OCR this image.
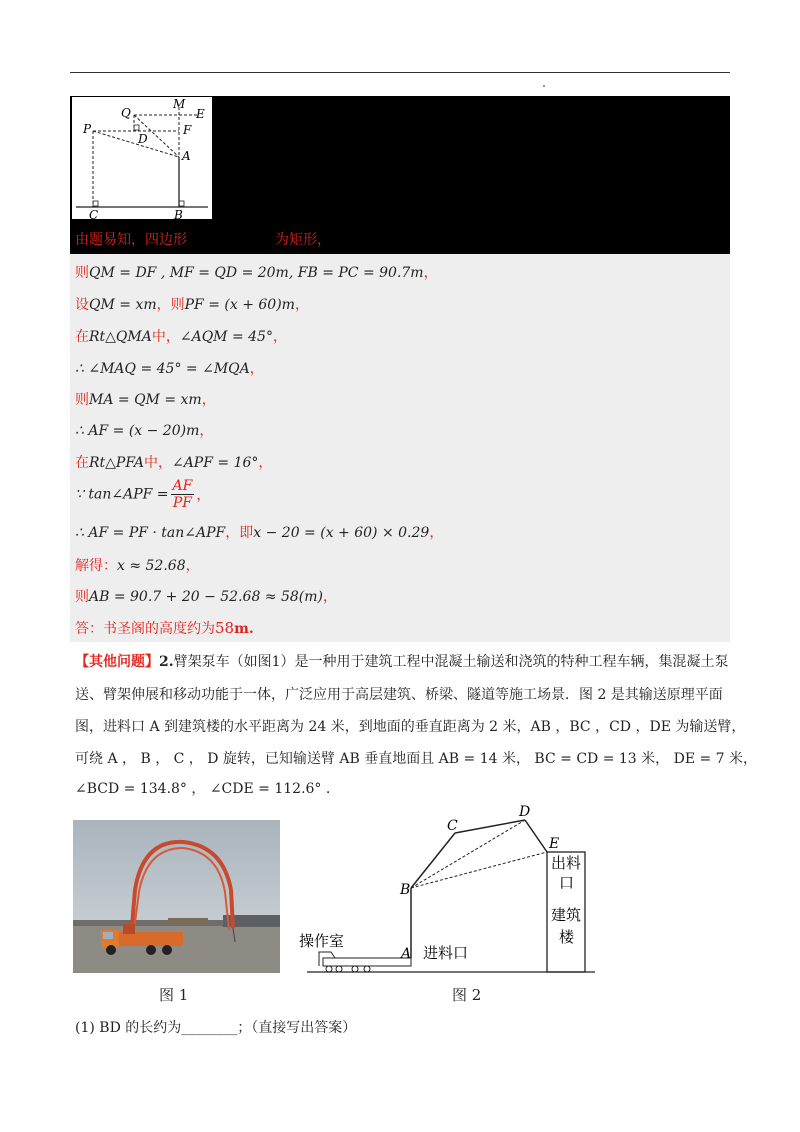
Q
M
E
P
D
F
A
C	B
由题易知，四边形	为矩形，
则QM = DF , MF = QD = 20m, FB = PC = 90.7m，
设QM = xm，则PF = (x + 60)m，
在Rt△QMA中，∠AQM = 45°，
∴ ∠MAQ = 45° = ∠MQA，
则MA = QM = xm，
∴ AF = (x − 20)m，
在Rt△PFA中，∠APF = 16°，
∵ tan∠APF = $\frac{AF}{PF}$ ，
∴ AF = PF · tan∠APF，即x − 20 = (x + 60) × 0.29，
解得：x ≈ 52.68，
则AB = 90.7 + 20 − 52.68 ≈ 58(m)，
答：书圣阁的高度约为58m.
【其他问题】2.臂架泵车（如图1）是一种用于建筑工程中混凝土输送和浇筑的特种工程车辆，集混凝土泵
送、臂架伸展和移动功能于一体，广泛应用于高层建筑、桥梁、隧道等施工场景．图 2 是其输送原理平面
图，进料口 A 到建筑楼的水平距离为 24 米，到地面的垂直距离为 2 米，AB ，BC ，CD ，DE 为输送臂，
可绕 A ， B ， C ， D 旋转，已知输送臂 AB 垂直地面且 AB = 14 米， BC = CD = 13 米， DE = 7 米，
∠BCD = 134.8° ， ∠CDE = 112.6° .
图 1
C
D
E
B
A
出料
口
建筑
楼
操作室
进料口
图 2
(1) BD 的长约为________；（直接写出答案）
